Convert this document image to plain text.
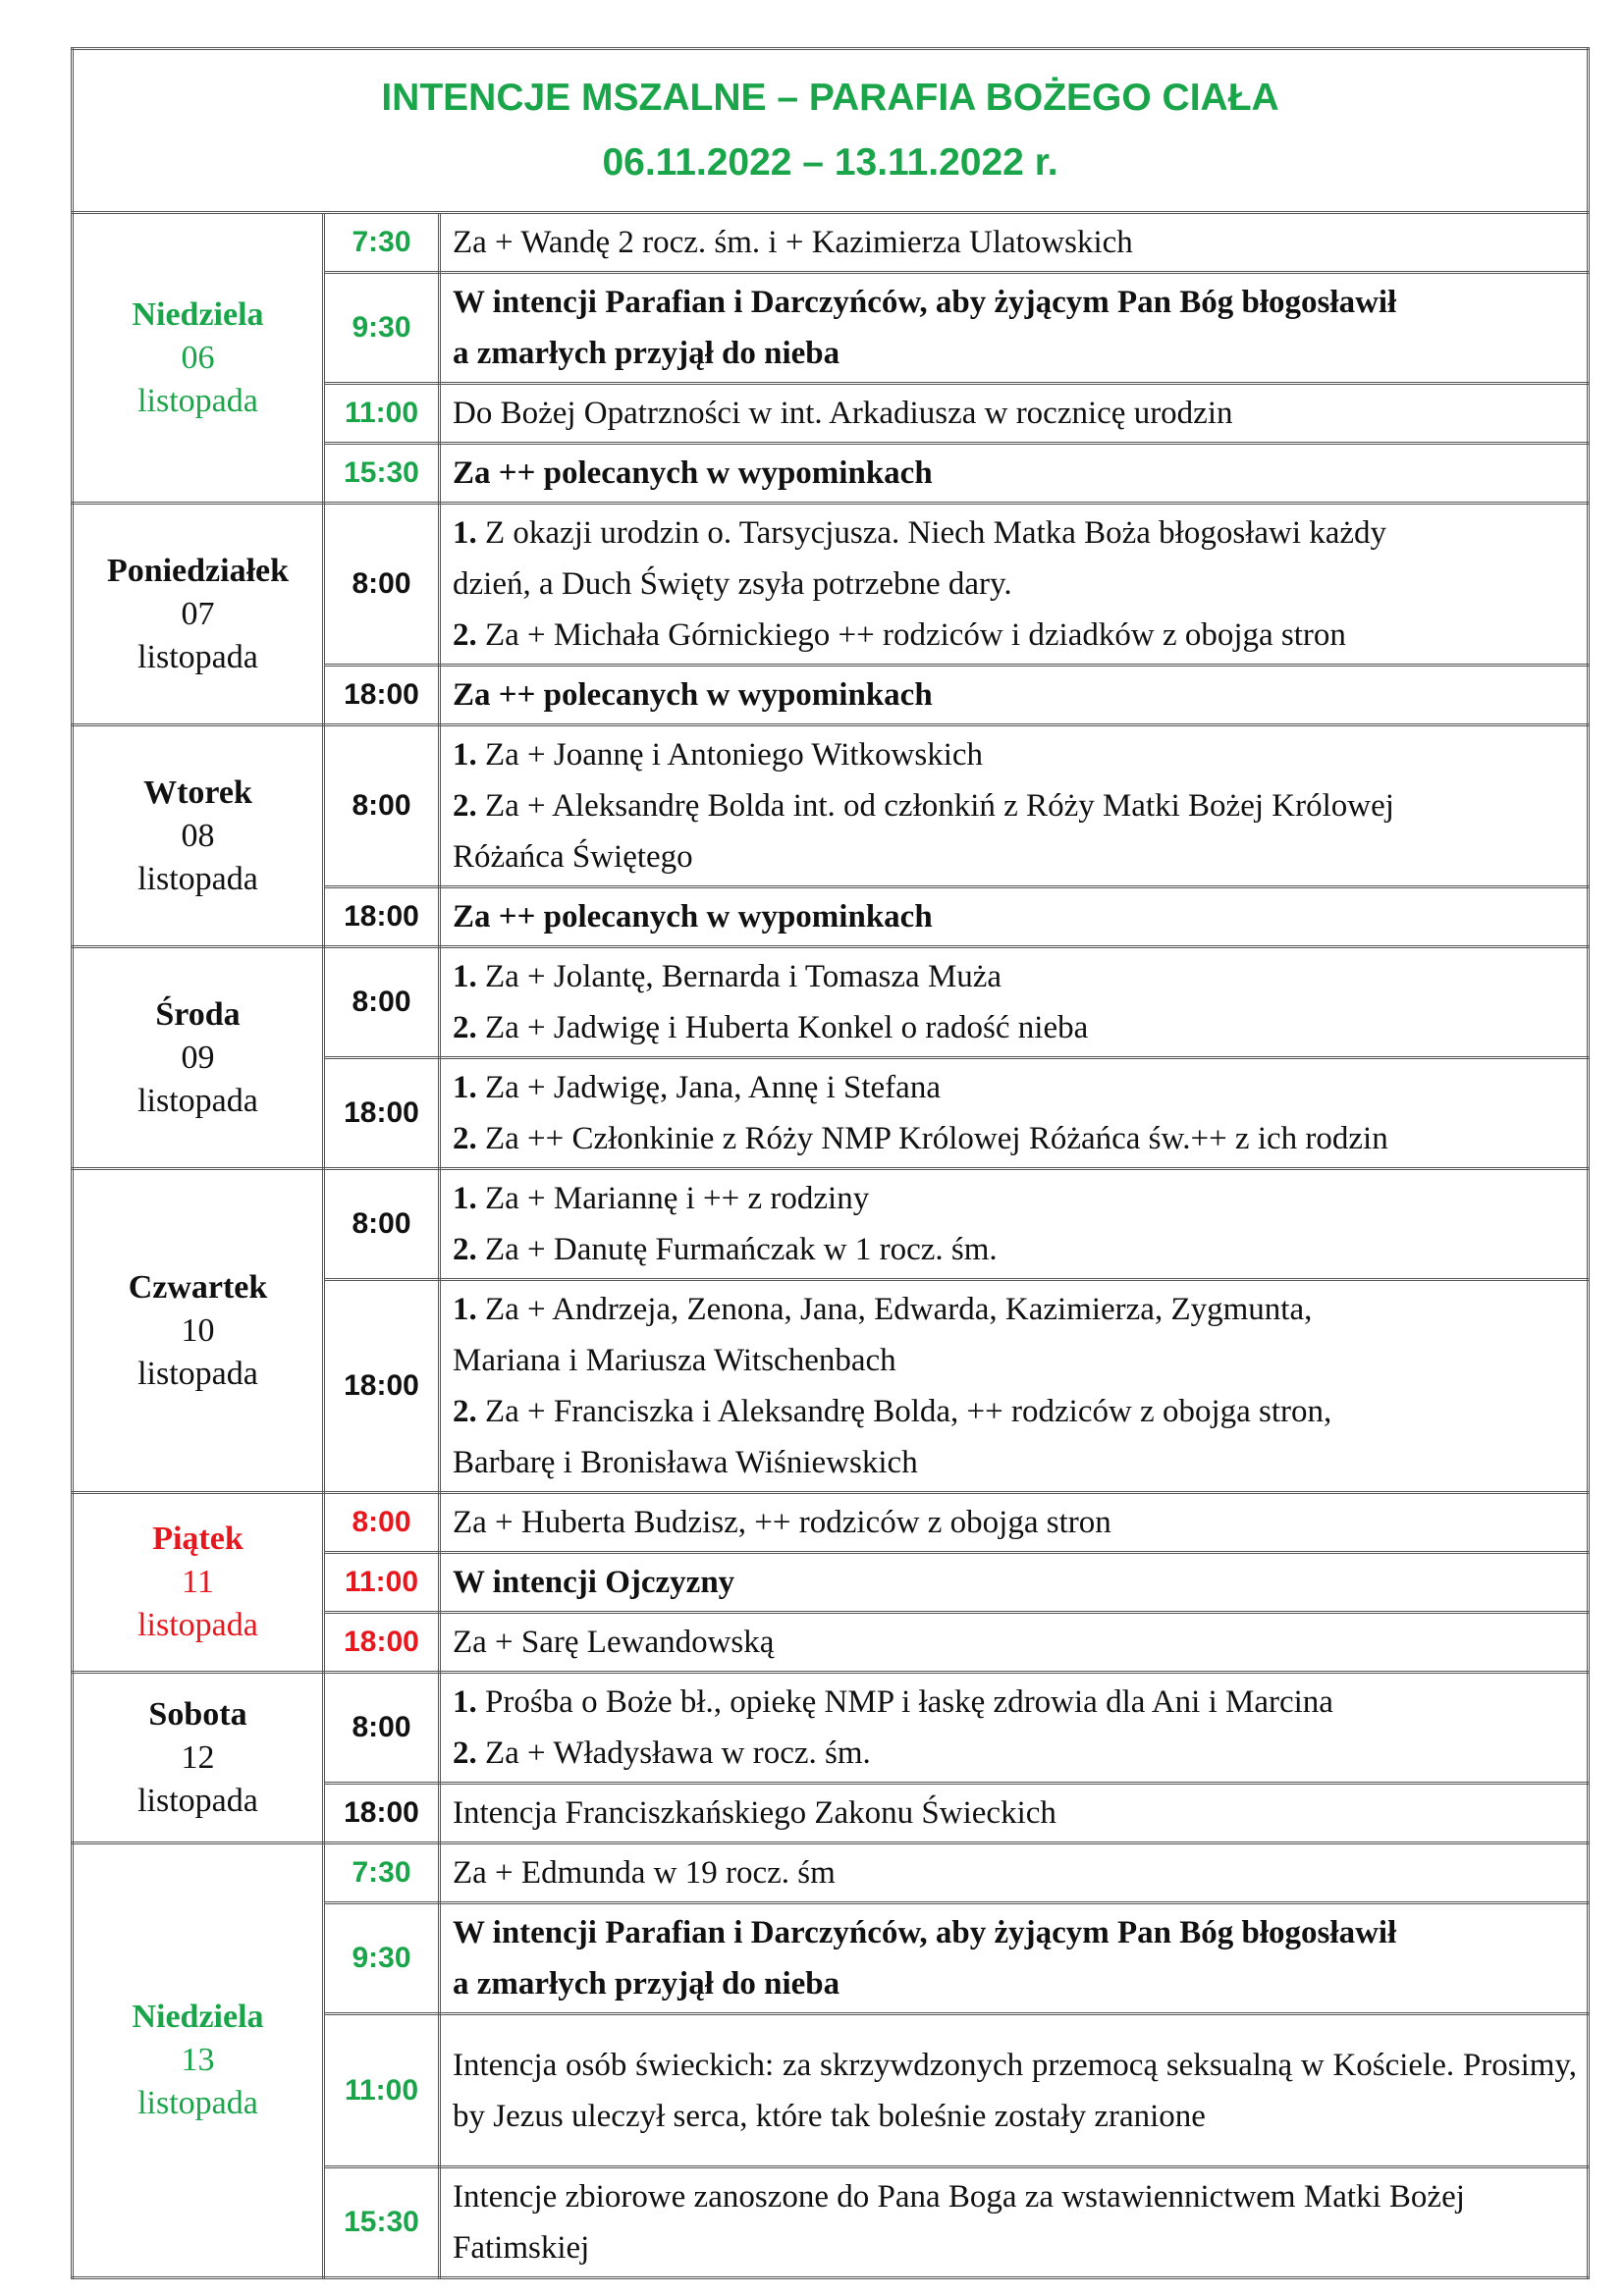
INTENCJE MSZALNE – PARAFIA BOŻEGO CIAŁA
06.11.2022 – 13.11.2022 r.		

Niedziela
06
listopada	7:30	Za + Wandę 2 rocz. śm. i + Kazimierza Ulatowskich

	9:30	W intencji Parafian i Darczyńców, aby żyjącym Pan Bóg błogosławił
a zmarłych przyjął do nieba

	11:00	Do Bożej Opatrzności w int. Arkadiusza w rocznicę urodzin

	15:30	Za ++ polecanych w wypominkach

Poniedziałek
07
listopada	8:00	1. Z okazji urodzin o. Tarsycjusza. Niech Matka Boża błogosławi każdy
dzień, a Duch Święty zsyła potrzebne dary.
2. Za + Michała Górnickiego ++ rodziców i dziadków z obojga stron

	18:00	Za ++ polecanych w wypominkach

Wtorek
08
listopada	8:00	1. Za + Joannę i Antoniego Witkowskich
2. Za + Aleksandrę Bolda int. od członkiń z Róży Matki Bożej Królowej
Różańca Świętego

	18:00	Za ++ polecanych w wypominkach

Środa
09
listopada	8:00	1. Za + Jolantę, Bernarda i Tomasza Muża
2. Za + Jadwigę i Huberta Konkel o radość nieba

	18:00	1. Za + Jadwigę, Jana, Annę i Stefana
2. Za ++ Członkinie z Róży NMP Królowej Różańca św.++ z ich rodzin

Czwartek
10
listopada	8:00	1. Za + Mariannę i ++ z rodziny
2. Za + Danutę Furmańczak w 1 rocz. śm.

	18:00	1. Za + Andrzeja, Zenona, Jana, Edwarda, Kazimierza, Zygmunta,
Mariana i Mariusza Witschenbach
2. Za + Franciszka i Aleksandrę Bolda, ++ rodziców z obojga stron,
Barbarę i Bronisława Wiśniewskich

Piątek
11
listopada	8:00	Za + Huberta Budzisz, ++ rodziców z obojga stron

	11:00	W intencji Ojczyzny

	18:00	Za + Sarę Lewandowską

Sobota
12
listopada	8:00	1. Prośba o Boże bł., opiekę NMP i łaskę zdrowia dla Ani i Marcina
2. Za + Władysława w rocz. śm.

	18:00	Intencja Franciszkańskiego Zakonu Świeckich

Niedziela
13
listopada	7:30	Za + Edmunda w 19 rocz. śm

	9:30	W intencji Parafian i Darczyńców, aby żyjącym Pan Bóg błogosławił
a zmarłych przyjął do nieba

	11:00	Intencja osób świeckich: za skrzywdzonych przemocą seksualną w Kościele. Prosimy, by Jezus uleczył serca, które tak boleśnie zostały zranione
	15:30	Intencje zbiorowe zanoszone do Pana Boga za wstawiennictwem Matki Bożej Fatimskiej
